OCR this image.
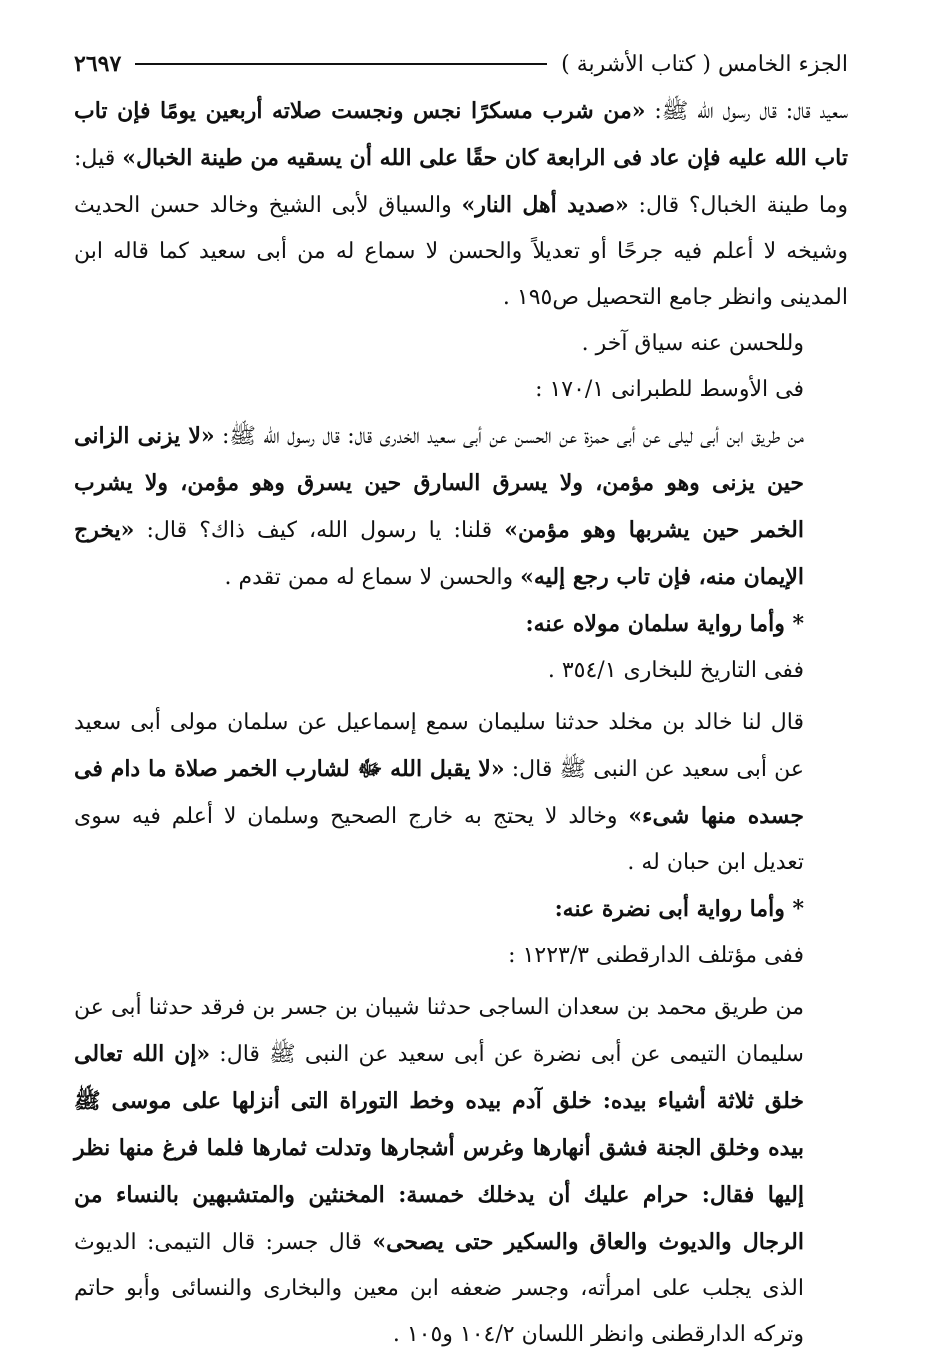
٢٦٩٧	الجزء الخامس ( كتاب الأشربة )

سعيد قال: قال رسول الله ﷺ: «من شرب مسكرًا نجس ونجست صلاته أربعين يومًا فإن تاب تاب الله عليه فإن عاد فى الرابعة كان حقًا على الله أن يسقيه من طينة الخبال» قيل: وما طينة الخبال؟ قال: «صديد أهل النار» والسياق لأبى الشيخ وخالد حسن الحديث وشيخه لا أعلم فيه جرحًا أو تعديلاً والحسن لا سماع له من أبى سعيد كما قاله ابن المدينى وانظر جامع التحصيل ص١٩٥ .

وللحسن عنه سياق آخر .

فى الأوسط للطبرانى ١٧٠/١ :

من طريق ابن أبى ليلى عن أبى حمزة عن الحسن عن أبى سعيد الخدرى قال: قال رسول الله ﷺ: «لا يزنى الزانى حين يزنى وهو مؤمن، ولا يسرق السارق حين يسرق وهو مؤمن، ولا يشرب الخمر حين يشربها وهو مؤمن» قلنا: يا رسول الله، كيف ذاك؟ قال: «يخرج الإيمان منه، فإن تاب رجع إليه» والحسن لا سماع له ممن تقدم .

* وأما رواية سلمان مولاه عنه:

ففى التاريخ للبخارى ٣٥٤/١ .

قال لنا خالد بن مخلد حدثنا سليمان سمع إسماعيل عن سلمان مولى أبى سعيد عن أبى سعيد عن النبى ﷺ قال: «لا يقبل الله ﷻ لشارب الخمر صلاة ما دام فى جسده منها شىء» وخالد لا يحتج به خارج الصحيح وسلمان لا أعلم فيه سوى تعديل ابن حبان له .

* وأما رواية أبى نضرة عنه:

ففى مؤتلف الدارقطنى ١٢٢٣/٣ :

من طريق محمد بن سعدان الساجى حدثنا شيبان بن جسر بن فرقد حدثنا أبى عن سليمان التيمى عن أبى نضرة عن أبى سعيد عن النبى ﷺ قال: «إن الله تعالى خلق ثلاثة أشياء بيده: خلق آدم بيده وخط التوراة التى أنزلها على موسى ﷺ بيده وخلق الجنة فشق أنهارها وغرس أشجارها وتدلت ثمارها فلما فرغ منها نظر إليها فقال: حرام عليك أن يدخلك خمسة: المخنثين والمتشبهين بالنساء من الرجال والديوث والعاق والسكير حتى يصحى» قال جسر: قال التيمى: الديوث الذى يجلب على امرأته، وجسر ضعفه ابن معين والبخارى والنسائى وأبو حاتم وتركه الدارقطنى وانظر اللسان ١٠٤/٢ و١٠٥ .
